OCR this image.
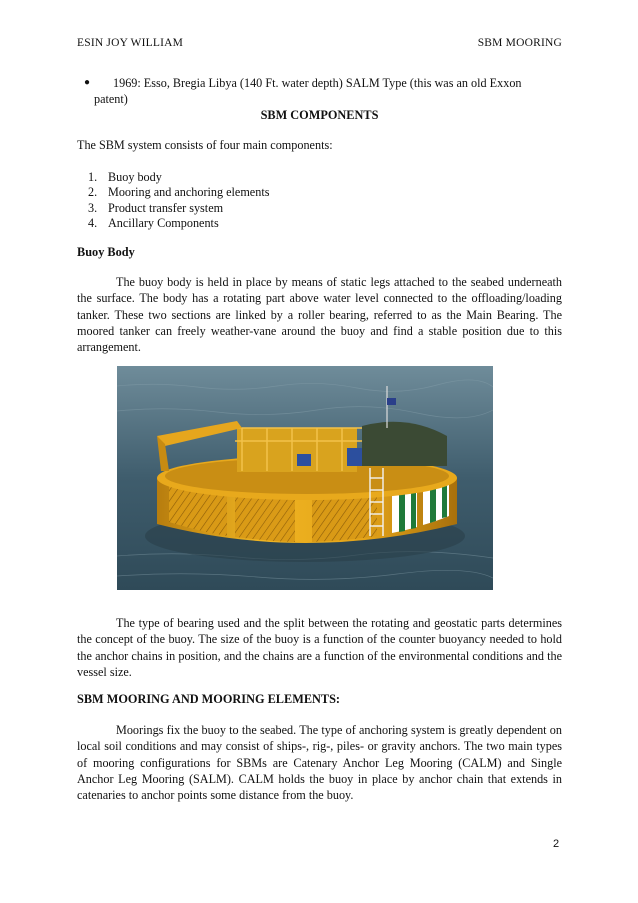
ESIN JOY WILLIAM	SBM MOORING
● 1969: Esso, Bregia Libya (140 Ft. water depth) SALM Type (this was an old Exxon
patent)
SBM COMPONENTS

The SBM system consists of four main components:

1. Buoy body
2. Mooring and anchoring elements
3. Product transfer system
4. Ancillary Components
Buoy Body

The buoy body is held in place by means of static legs attached to the seabed underneath the surface. The body has a rotating part above water level connected to the offloading/loading tanker. These two sections are linked by a roller bearing, referred to as the Main Bearing. The moored tanker can freely weather-vane around the buoy and find a stable position due to this arrangement.

The type of bearing used and the split between the rotating and geostatic parts determines the concept of the buoy. The size of the buoy is a function of the counter buoyancy needed to hold the anchor chains in position, and the chains are a function of the environmental conditions and the vessel size.

SBM MOORING AND MOORING ELEMENTS:

Moorings fix the buoy to the seabed. The type of anchoring system is greatly dependent on local soil conditions and may consist of ships-, rig-, piles- or gravity anchors. The two main types of mooring configurations for SBMs are Catenary Anchor Leg Mooring (CALM) and Single Anchor Leg Mooring (SALM). CALM holds the buoy in place by anchor chain that extends in catenaries to anchor points some distance from the buoy.

2
